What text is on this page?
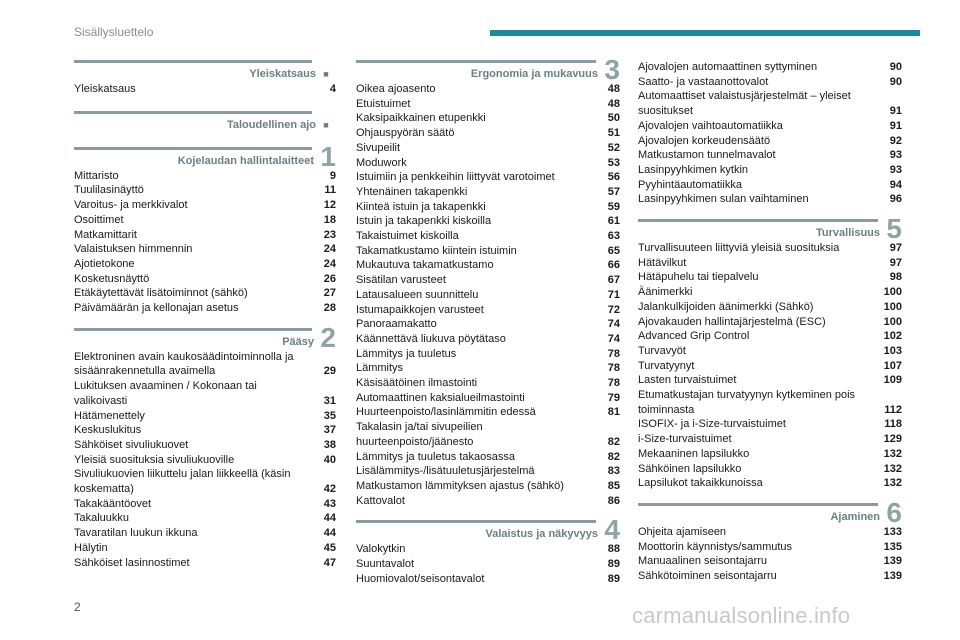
Sisällysluettelo
Yleiskatsaus ■
Yleiskatsaus	4
Taloudellinen ajo ■
Kojelaudan hallintalaitteet 1
Mittaristo	9
Tuulilasinäyttö	11
Varoitus- ja merkkivalot	12
Osoittimet	18
Matkamittarit	23
Valaistuksen himmennin	24
Ajotietokone	24
Kosketusnäyttö	26
Etäkäytettävät lisätoiminnot (sähkö)	27
Päivämäärän ja kellonajan asetus	28
Pääsy 2
Elektroninen avain kaukosäädintoiminnolla ja sisäänrakennetulla avaimella	29
Lukituksen avaaminen / Kokonaan tai valikoivasti	31
Hätämenettely	35
Keskuslukitus	37
Sähköiset sivuliukuovet	38
Yleisiä suosituksia sivuliukuoville	40
Sivuliukuovien liikuttelu jalan liikkeellä (käsin koskematta)	42
Takakääntöovet	43
Takaluukku	44
Tavaratilan luukun ikkuna	44
Hälytin	45
Sähköiset lasinnostimet	47
Ergonomia ja mukavuus 3
Oikea ajoasento	48
Etuistuimet	48
Kaksipaikkainen etupenkki	50
Ohjauspyörän säätö	51
Sivupeilit	52
Moduwork	53
Istuimiin ja penkkeihin liittyvät varotoimet	56
Yhtenäinen takapenkki	57
Kiinteä istuin ja takapenkki	59
Istuin ja takapenkki kiskoilla	61
Takaistuimet kiskoilla	63
Takamatkustamo kiintein istuimin	65
Mukautuva takamatkustamo	66
Sisätilan varusteet	67
Latausalueen suunnittelu	71
Istumapaikkojen varusteet	72
Panoraamakatto	74
Käännettävä liukuva pöytätaso	74
Lämmitys ja tuuletus	78
Lämmitys	78
Käsisäätöinen ilmastointi	78
Automaattinen kaksialueilmastointi	79
Huurteenpoisto/lasinlämmitin edessä	81
Takalasin ja/tai sivupeilien huurteenpoisto/jäänesto	82
Lämmitys ja tuuletus takaosassa	82
Lisälämmitys-/lisätuuletusjärjestelmä	83
Matkustamon lämmityksen ajastus (sähkö)	85
Kattovalot	86
Valaistus ja näkyvyys 4
Valokytkin	88
Suuntavalot	89
Huomiovalot/seisontavalot	89
Ajovalojen automaattinen syttyminen	90
Saatto- ja vastaanottovalot	90
Automaattiset valaistusjärjestelmät – yleiset suositukset	91
Ajovalojen vaihtoautomatiikka	91
Ajovalojen korkeudensäätö	92
Matkustamon tunnelmavalot	93
Lasinpyyhkimen kytkin	93
Pyyhintäautomatiikka	94
Lasinpyyhkimen sulan vaihtaminen	96
Turvallisuus 5
Turvallisuuteen liittyviä yleisiä suosituksia	97
Hätävilkut	97
Hätäpuhelu tai tiepalvelu	98
Äänimerkki	100
Jalankulkijoiden äänimerkki (Sähkö)	100
Ajovakauden hallintajärjestelmä (ESC)	100
Advanced Grip Control	102
Turvavyöt	103
Turvatyynyt	107
Lasten turvaistuimet	109
Etumatkustajan turvatyynyn kytkeminen pois toiminnasta	112
ISOFIX- ja i-Size-turvaistuimet	118
i-Size-turvaistuimet	129
Mekaaninen lapsilukko	132
Sähköinen lapsilukko	132
Lapsilukot takaikkunoissa	132
Ajaminen 6
Ohjeita ajamiseen	133
Moottorin käynnistys/sammutus	135
Manuaalinen seisontajarru	139
Sähkötoiminen seisontajarru	139
2	carmanualsonline.info
